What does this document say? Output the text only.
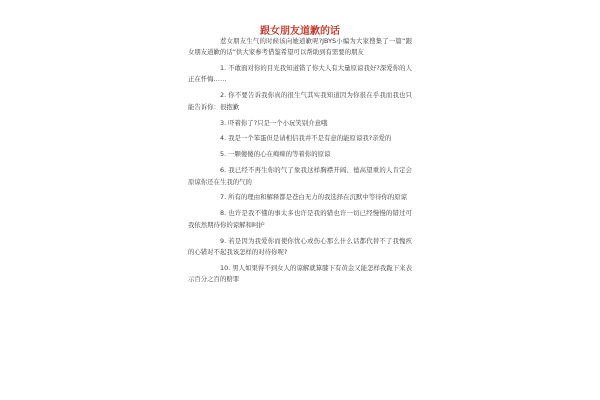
跟女朋友道歉的话

惹女朋友生气的时候该向她道歉呢?JBYS小编为大家搜集了一篇“跟女朋友道歉的话”供大家参考借鉴希望可以帮助到有需要的朋友

1. 不敢面对你的目光我知道错了你大人有大量原谅我好?深爱你的人正在忏悔……

2. 你不要告诉我你真的很生气其实我知道因为你很在乎我而我也只能告诉你：很抱歉

3. 吓着你了?只是一个小玩笑别介意哦

4. 我是一个笨蛋但是请相信我并不是有意的能原谅我?亲爱的

5. 一颗傻傻的心在痴痴的等着你的原谅

6. 我已经不再生你的气了象我这样胸襟开阔、德高望重的人肯定会原谅你还在生我的气的

7. 所有的理由和解释都是苍白无力的我选择在沉默中等待你的原谅

8. 也许是我不懂的事太多也许是我的错也许一切已经慢慢的错过可我依然期待你的谅解和呵护

9. 若是因为我爱你而使你忧心或伤心那么什么话都代替不了我愧疚的心错对不起我该怎样的对待你呢?

10. 男人如果得不到女人的谅解就算膝下有黄金又能怎样我跪下来表示百分之百的赔罪
